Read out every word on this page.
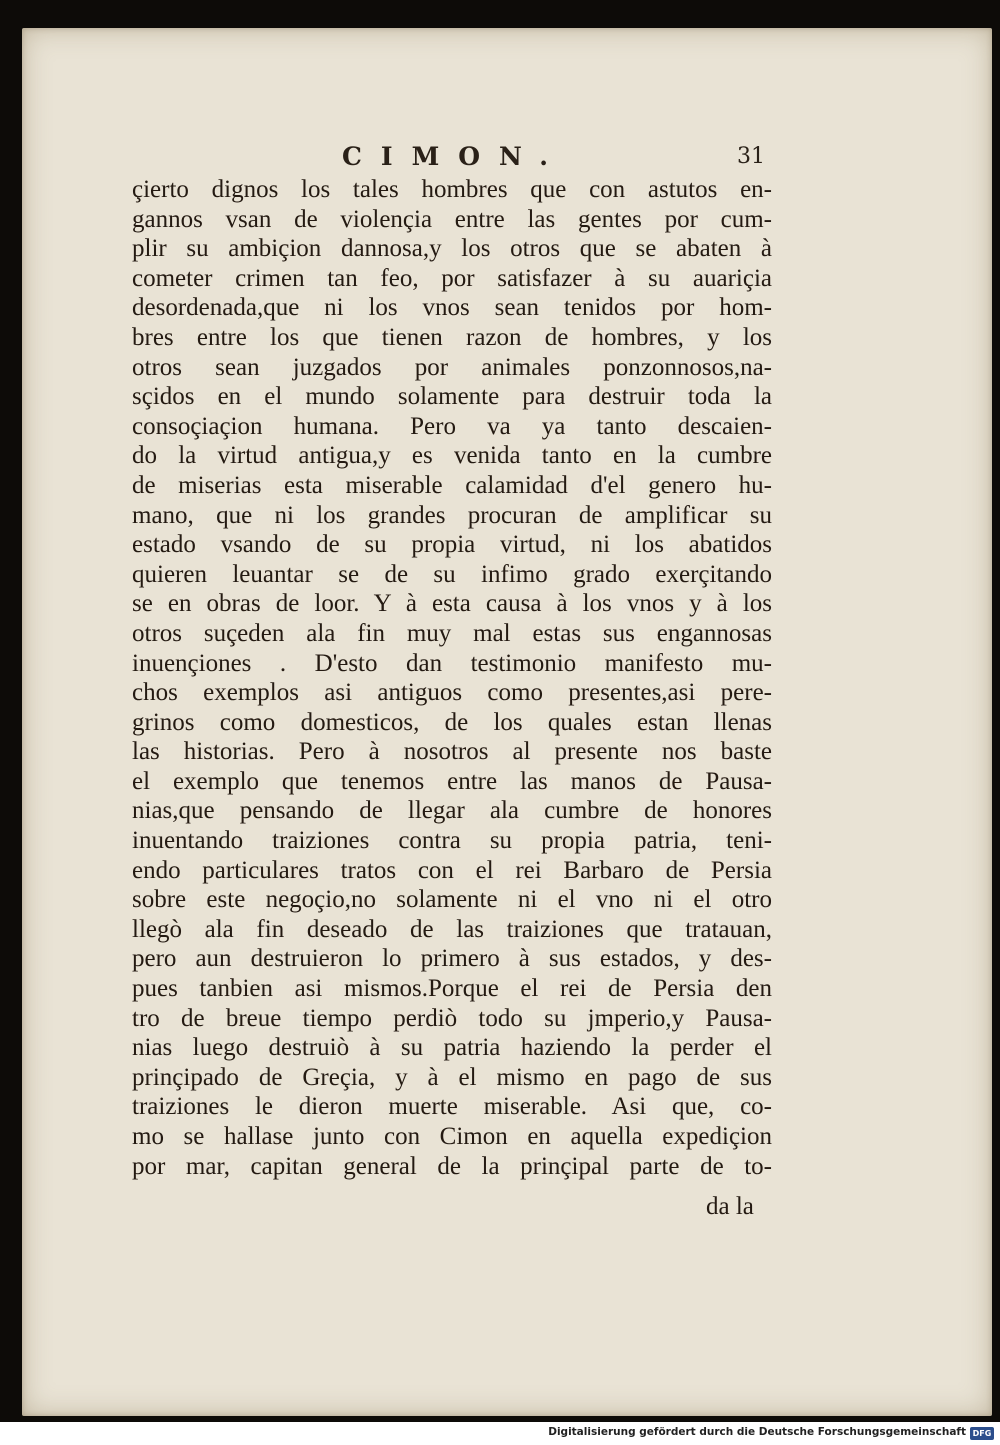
CIMON.	31
çierto dignos los tales hombres que con astutos en-
gannos vsan de violençia entre las gentes por cum-
plir su ambiçion dannosa,y los otros que se abaten à
cometer crimen tan feo, por satisfazer à su auariçia
desordenada,que ni los vnos sean tenidos por hom-
bres entre los que tienen razon de hombres, y los
otros sean juzgados por animales ponzonnosos,na-
sçidos en el mundo solamente para destruir toda la
consoçiaçion humana. Pero va ya tanto descaien-
do la virtud antigua,y es venida tanto en la cumbre
de miserias esta miserable calamidad d'el genero hu-
mano, que ni los grandes procuran de amplificar su
estado vsando de su propia virtud, ni los abatidos
quieren leuantar se de su infimo grado exerçitando
se en obras de loor. Y à esta causa à los vnos y à los
otros suçeden ala fin muy mal estas sus engannosas
inuençiones . D'esto dan testimonio manifesto mu-
chos exemplos asi antiguos como presentes,asi pere-
grinos como domesticos, de los quales estan llenas
las historias. Pero à nosotros al presente nos baste
el exemplo que tenemos entre las manos de Pausa-
nias,que pensando de llegar ala cumbre de honores
inuentando traiziones contra su propia patria, teni-
endo particulares tratos con el rei Barbaro de Persia
sobre este negoçio,no solamente ni el vno ni el otro
llegò ala fin deseado de las traiziones que tratauan,
pero aun destruieron lo primero à sus estados, y des-
pues tanbien asi mismos.Porque el rei de Persia den
tro de breue tiempo perdiò todo su jmperio,y Pausa-
nias luego destruiò à su patria haziendo la perder el
prinçipado de Greçia, y à el mismo en pago de sus
traiziones le dieron muerte miserable. Asi que, co-
mo se hallase junto con Cimon en aquella expediçion
por mar, capitan general de la prinçipal parte de to-
da la
Digitalisierung gefördert durch die Deutsche Forschungsgemeinschaft DFG
